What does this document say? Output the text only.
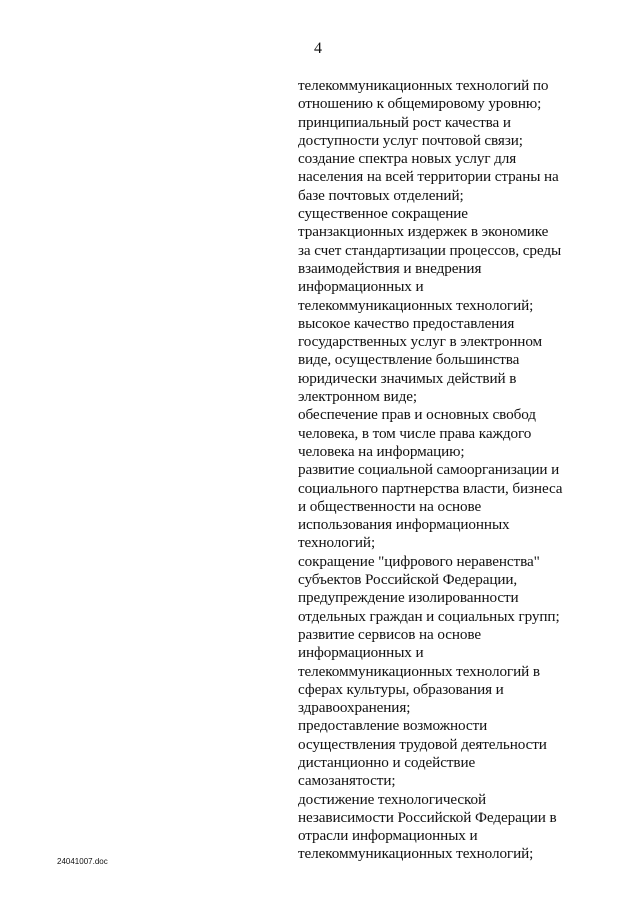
4
телекоммуникационных технологий по
отношению к общемировому уровню;
принципиальный рост качества и
доступности услуг почтовой связи;
создание спектра новых услуг для
населения на всей территории страны на
базе почтовых отделений;
существенное сокращение
транзакционных издержек в экономике
за счет стандартизации процессов, среды
взаимодействия и внедрения
информационных и
телекоммуникационных технологий;
высокое качество предоставления
государственных услуг в электронном
виде, осуществление большинства
юридически значимых действий в
электронном виде;
обеспечение прав и основных свобод
человека, в том числе права каждого
человека на информацию;
развитие социальной самоорганизации и
социального партнерства власти, бизнеса
и общественности на основе
использования информационных
технологий;
сокращение "цифрового неравенства"
субъектов Российской Федерации,
предупреждение изолированности
отдельных граждан и социальных групп;
развитие сервисов на основе
информационных и
телекоммуникационных технологий в
сферах культуры, образования и
здравоохранения;
предоставление возможности
осуществления трудовой деятельности
дистанционно и содействие
самозанятости;
достижение технологической
независимости Российской Федерации в
отрасли информационных и
телекоммуникационных технологий;
24041007.doc
